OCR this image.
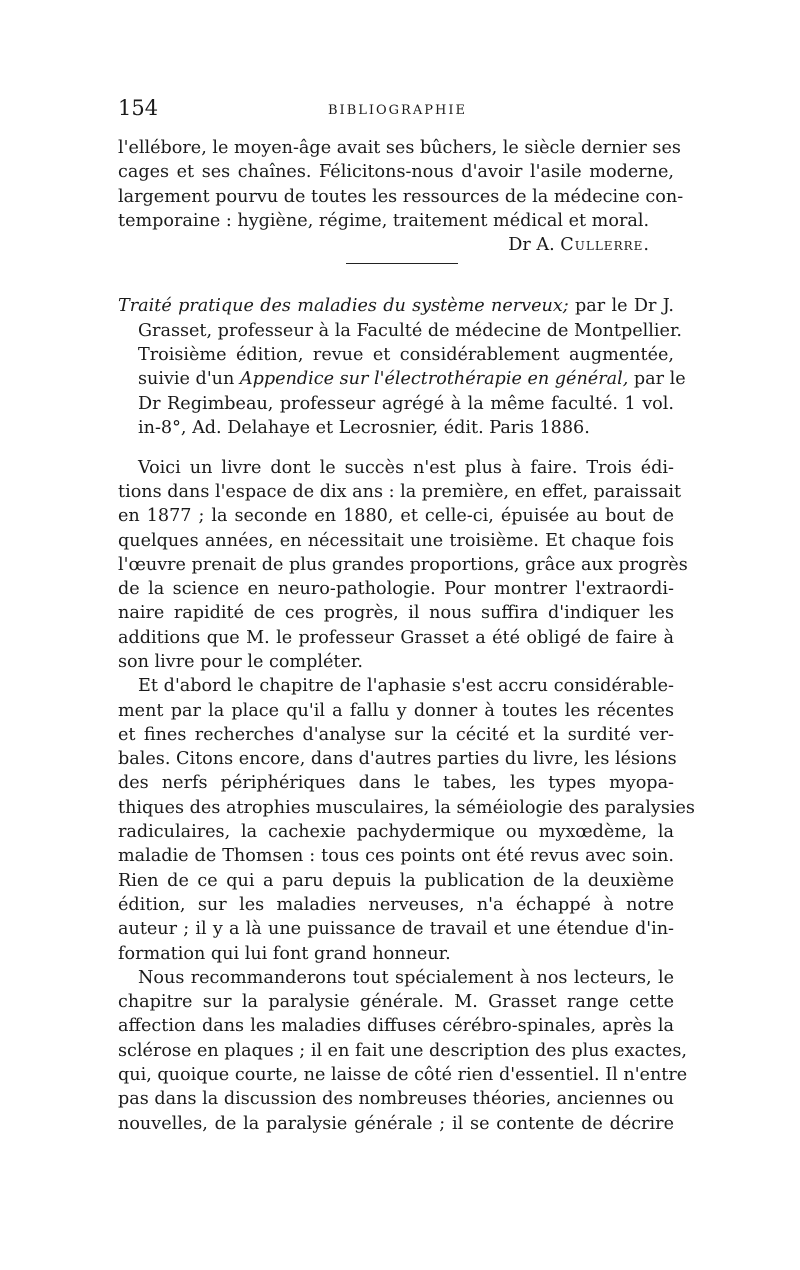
154	BIBLIOGRAPHIE

l'ellébore, le moyen-âge avait ses bûchers, le siècle dernier ses
cages et ses chaînes. Félicitons-nous d'avoir l'asile moderne,
largement pourvu de toutes les ressources de la médecine con-
temporaine : hygiène, régime, traitement médical et moral.

Dr A. Cullerre.

Traité pratique des maladies du système nerveux; par le Dr J.
Grasset, professeur à la Faculté de médecine de Montpellier.
Troisième édition, revue et considérablement augmentée,
suivie d'un Appendice sur l'électrothérapie en général, par le
Dr Regimbeau, professeur agrégé à la même faculté. 1 vol.
in-8°, Ad. Delahaye et Lecrosnier, édit. Paris 1886.

Voici un livre dont le succès n'est plus à faire. Trois édi-
tions dans l'espace de dix ans : la première, en effet, paraissait
en 1877 ; la seconde en 1880, et celle-ci, épuisée au bout de
quelques années, en nécessitait une troisième. Et chaque fois
l'œuvre prenait de plus grandes proportions, grâce aux progrès
de la science en neuro-pathologie. Pour montrer l'extraordi-
naire rapidité de ces progrès, il nous suffira d'indiquer les
additions que M. le professeur Grasset a été obligé de faire à
son livre pour le compléter.
Et d'abord le chapitre de l'aphasie s'est accru considérable-
ment par la place qu'il a fallu y donner à toutes les récentes
et fines recherches d'analyse sur la cécité et la surdité ver-
bales. Citons encore, dans d'autres parties du livre, les lésions
des nerfs périphériques dans le tabes, les types myopa-
thiques des atrophies musculaires, la séméiologie des paralysies
radiculaires, la cachexie pachydermique ou myxœdème, la
maladie de Thomsen : tous ces points ont été revus avec soin.
Rien de ce qui a paru depuis la publication de la deuxième
édition, sur les maladies nerveuses, n'a échappé à notre
auteur ; il y a là une puissance de travail et une étendue d'in-
formation qui lui font grand honneur.
Nous recommanderons tout spécialement à nos lecteurs, le
chapitre sur la paralysie générale. M. Grasset range cette
affection dans les maladies diffuses cérébro-spinales, après la
sclérose en plaques ; il en fait une description des plus exactes,
qui, quoique courte, ne laisse de côté rien d'essentiel. Il n'entre
pas dans la discussion des nombreuses théories, anciennes ou
nouvelles, de la paralysie générale ; il se contente de décrire
